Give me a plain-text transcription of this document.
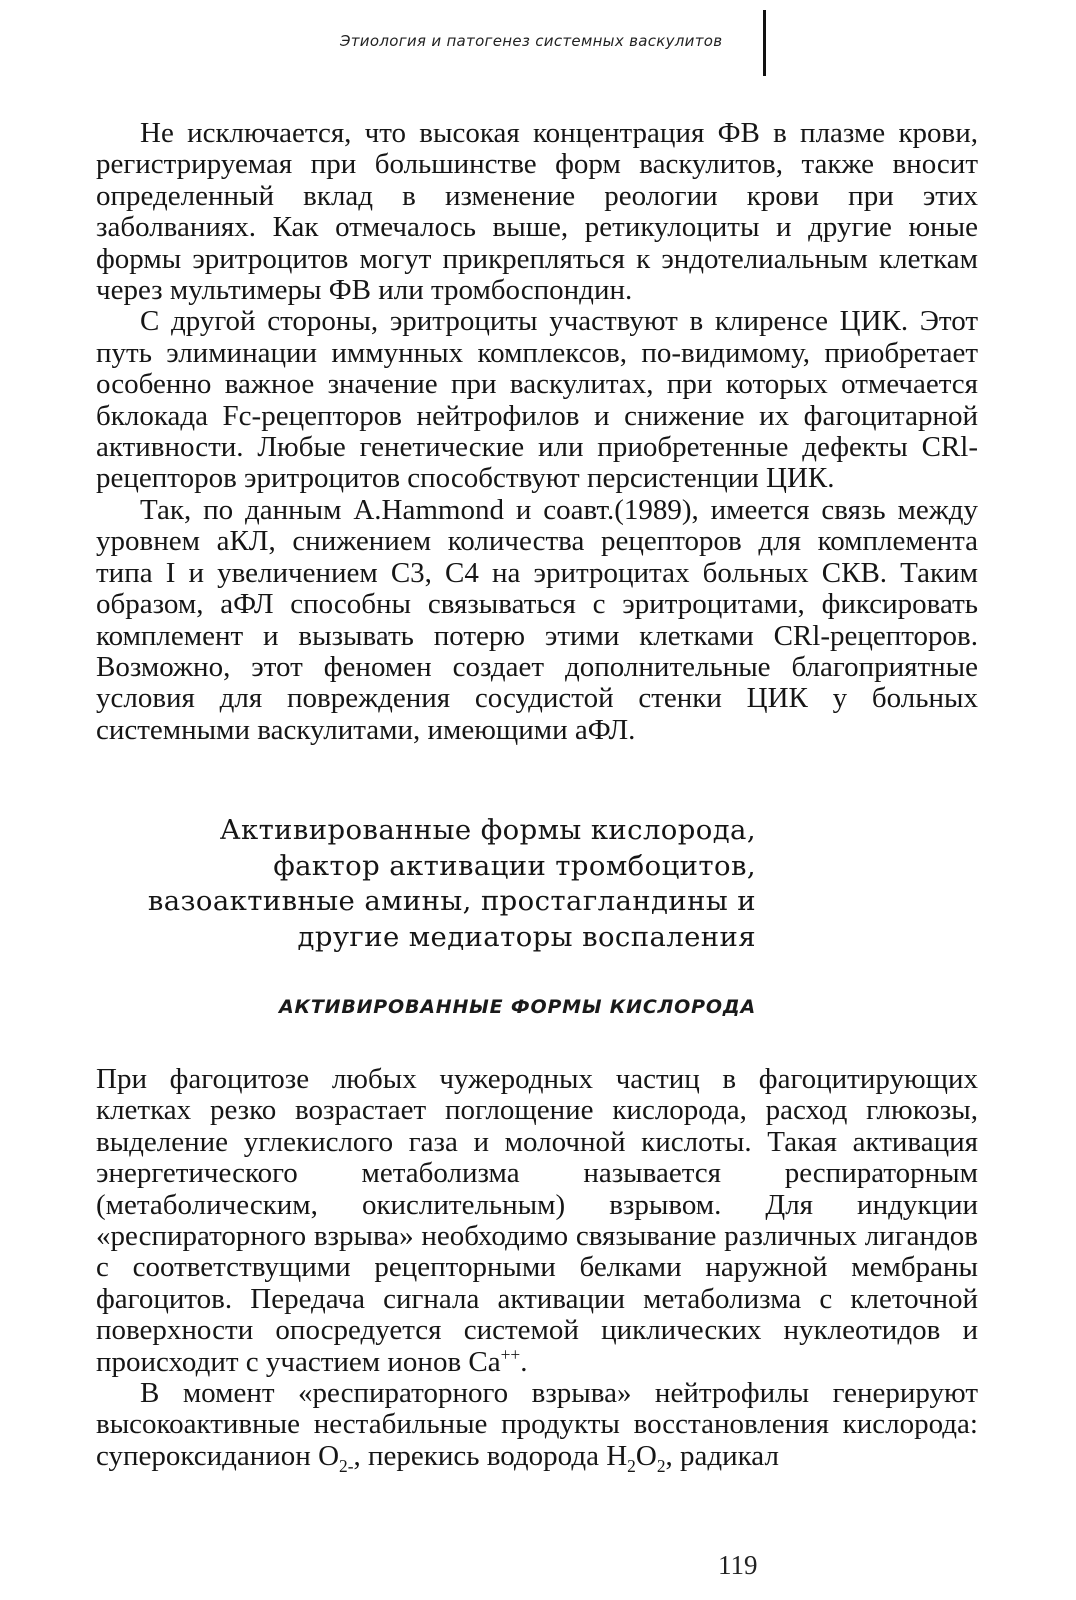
Этиология и патогенез системных васкулитов

Не исключается, что высокая концентрация ФВ в плазме крови, регистрируемая при большинстве форм васкулитов, также вносит определенный вклад в изменение реологии крови при этих заболваниях. Как отмечалось выше, ретикулоциты и другие юные формы эритроцитов могут прикрепляться к эндотелиальным клеткам через мультимеры ФВ или тромбоспондин.

С другой стороны, эритроциты участвуют в клиренсе ЦИК. Этот путь элиминации иммунных комплексов, по-видимому, приобретает особенно важное значение при васкулитах, при которых отмечается бклокада Fc-рецепторов нейтрофилов и снижение их фагоцитарной активности. Любые генетические или приобретенные дефекты CRl-рецепторов эритроцитов способствуют персистенции ЦИК.

Так, по данным A.Hammond и соавт.(1989), имеется связь между уровнем аКЛ, снижением количества рецепторов для комплемента типа I и увеличением С3, С4 на эритроцитах больных СКВ. Таким образом, аФЛ способны связываться с эритроцитами, фиксировать комплемент и вызывать потерю этими клетками CRl-рецепторов. Возможно, этот феномен создает дополнительные благоприятные условия для повреждения сосудистой стенки ЦИК у больных системными васкулитами, имеющими аФЛ.

Активированные формы кислорода,
фактор активации тромбоцитов,
вазоактивные амины, простагландины и
другие медиаторы воспаления
АКТИВИРОВАННЫЕ ФОРМЫ КИСЛОРОДА

При фагоцитозе любых чужеродных частиц в фагоцитирующих клетках резко возрастает поглощение кислорода, расход глюкозы, выделение углекислого газа и молочной кислоты. Такая активация энергетического метаболизма называется респираторным (метаболическим, окислительным) взрывом. Для индукции «респираторного взрыва» необходимо связывание различных лигандов с соответствущими рецепторными белками наружной мембраны фагоцитов. Передача сигнала активации метаболизма с клеточной поверхности опосредуется системой циклических нуклеотидов и происходит с участием ионов Са++.

В момент «респираторного взрыва» нейтрофилы генерируют высокоактивные нестабильные продукты восстановления кислорода: супероксиданион $О_{2-}$, перекись водорода $Н_2О_2$, радикал

119
